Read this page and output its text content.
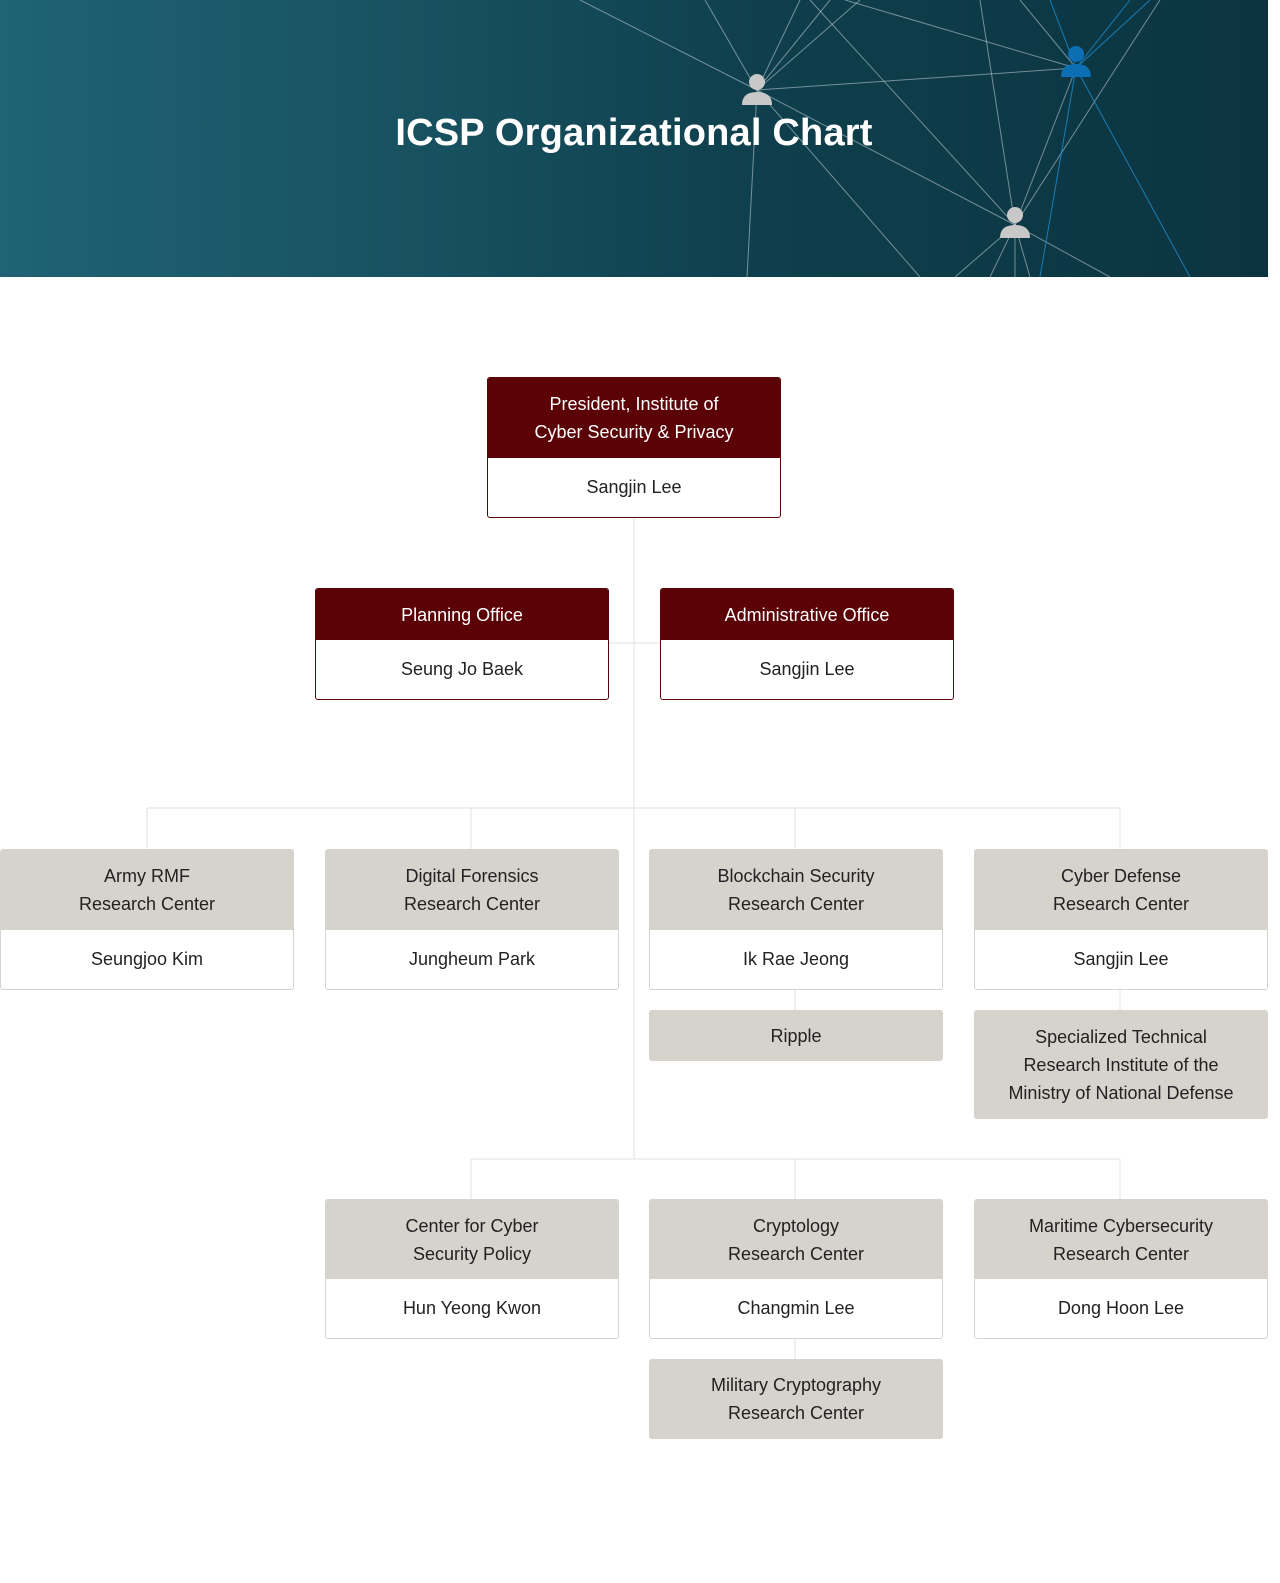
ICSP Organizational Chart
President, Institute of
Cyber Security & Privacy
Sangjin Lee
Planning Office
Seung Jo Baek
Administrative Office
Sangjin Lee
Army RMF
Research Center
Seungjoo Kim
Digital Forensics
Research Center
Jungheum Park
Blockchain Security
Research Center
Ik Rae Jeong
Cyber Defense
Research Center
Sangjin Lee
Ripple	Specialized Technical
Research Institute of the
Ministry of National Defense
Center for Cyber
Security Policy
Hun Yeong Kwon
Cryptology
Research Center
Changmin Lee
Maritime Cybersecurity
Research Center
Dong Hoon Lee
Military Cryptography
Research Center
